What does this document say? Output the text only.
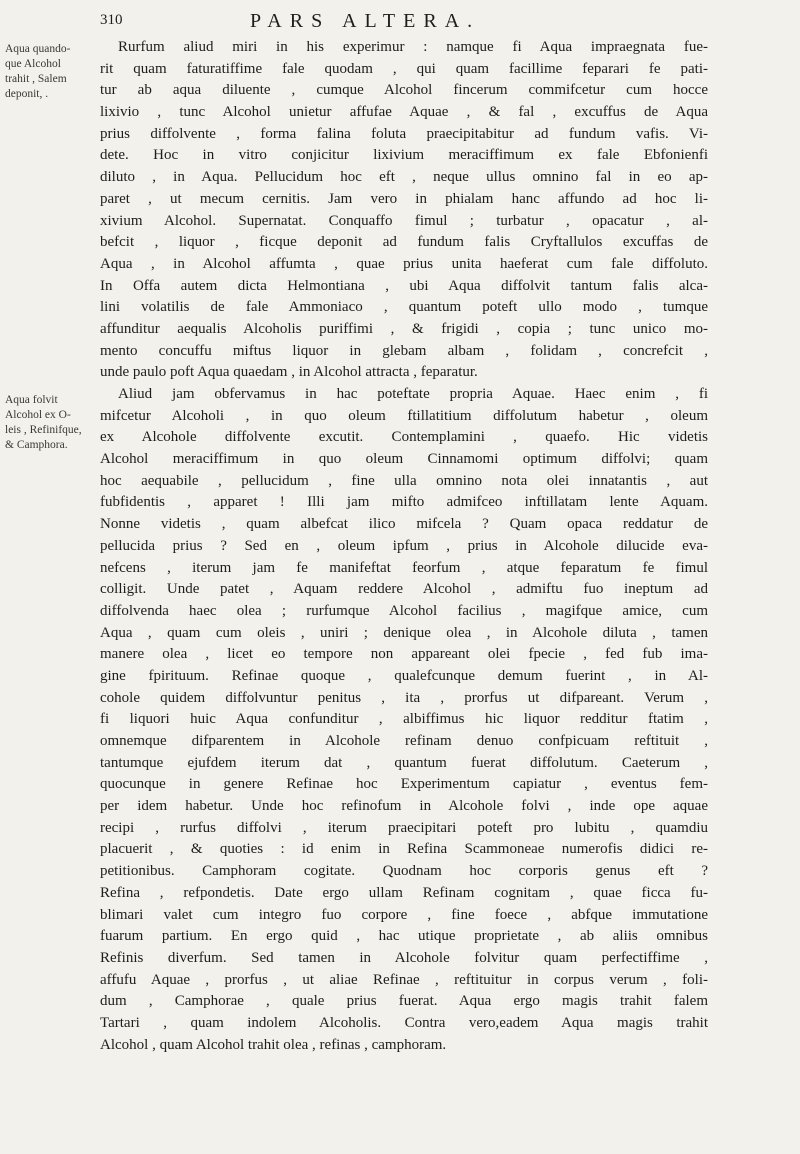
310	PARS ALTERA.
Aqua quando-
que Alcohol
trahit , Salem
deponit, .
Aqua folvit
Alcohol ex O-
leis , Refinifque,
& Camphora.
Rurfum aliud miri in his experimur : namque fi Aqua impraegnata fue-
rit quam faturatiffime fale quodam , qui quam facillime feparari fe pati-
tur ab aqua diluente , cumque Alcohol fincerum commifcetur cum hocce
lixivio , tunc Alcohol unietur affufae Aquae , & fal , excuffus de Aqua
prius diffolvente , forma falina foluta praecipitabitur ad fundum vafis. Vi-
dete. Hoc in vitro conjicitur lixivium meraciffimum ex fale Ebfonienfi
diluto , in Aqua. Pellucidum hoc eft , neque ullus omnino fal in eo ap-
paret , ut mecum cernitis. Jam vero in phialam hanc affundo ad hoc li-
xivium Alcohol. Supernatat. Conquaffo fimul ; turbatur , opacatur , al-
befcit , liquor , ficque deponit ad fundum falis Cryftallulos excuffas de
Aqua , in Alcohol affumta , quae prius unita haeferat cum fale diffoluto.
In Offa autem dicta Helmontiana , ubi Aqua diffolvit tantum falis alca-
lini volatilis de fale Ammoniaco , quantum poteft ullo modo , tumque
affunditur aequalis Alcoholis puriffimi , & frigidi , copia ; tunc unico mo-
mento concuffu miftus liquor in glebam albam , folidam , concrefcit ,
unde paulo poft Aqua quaedam , in Alcohol attracta , feparatur.
Aliud jam obfervamus in hac poteftate propria Aquae. Haec enim , fi
mifcetur Alcoholi , in quo oleum ftillatitium diffolutum habetur , oleum
ex Alcohole diffolvente excutit. Contemplamini , quaefo. Hic videtis
Alcohol meraciffimum in quo oleum Cinnamomi optimum diffolvi; quam
hoc aequabile , pellucidum , fine ulla omnino nota olei innatantis , aut
fubfidentis , apparet ! Illi jam mifto admifceo inftillatam lente Aquam.
Nonne videtis , quam albefcat ilico mifcela ? Quam opaca reddatur de
pellucida prius ? Sed en , oleum ipfum , prius in Alcohole dilucide eva-
nefcens , iterum jam fe manifeftat feorfum , atque feparatum fe fimul
colligit. Unde patet , Aquam reddere Alcohol , admiftu fuo ineptum ad
diffolvenda haec olea ; rurfumque Alcohol facilius , magifque amice, cum
Aqua , quam cum oleis , uniri ; denique olea , in Alcohole diluta , tamen
manere olea , licet eo tempore non appareant olei fpecie , fed fub ima-
gine fpirituum. Refinae quoque , qualefcunque demum fuerint , in Al-
cohole quidem diffolvuntur penitus , ita , prorfus ut difpareant. Verum ,
fi liquori huic Aqua confunditur , albiffimus hic liquor redditur ftatim ,
omnemque difparentem in Alcohole refinam denuo confpicuam reftituit ,
tantumque ejufdem iterum dat , quantum fuerat diffolutum. Caeterum ,
quocunque in genere Refinae hoc Experimentum capiatur , eventus fem-
per idem habetur. Unde hoc refinofum in Alcohole folvi , inde ope aquae
recipi , rurfus diffolvi , iterum praecipitari poteft pro lubitu , quamdiu
placuerit , & quoties : id enim in Refina Scammoneae numerofis didici re-
petitionibus. Camphoram cogitate. Quodnam hoc corporis genus eft ?
Refina , refpondetis. Date ergo ullam Refinam cognitam , quae ficca fu-
blimari valet cum integro fuo corpore , fine foece , abfque immutatione
fuarum partium. En ergo quid , hac utique proprietate , ab aliis omnibus
Refinis diverfum. Sed tamen in Alcohole folvitur quam perfectiffime ,
affufu Aquae , prorfus , ut aliae Refinae , reftituitur in corpus verum , foli-
dum , Camphorae , quale prius fuerat. Aqua ergo magis trahit falem
Tartari , quam indolem Alcoholis. Contra vero,eadem Aqua magis trahit
Alcohol , quam Alcohol trahit olea , refinas , camphoram.
